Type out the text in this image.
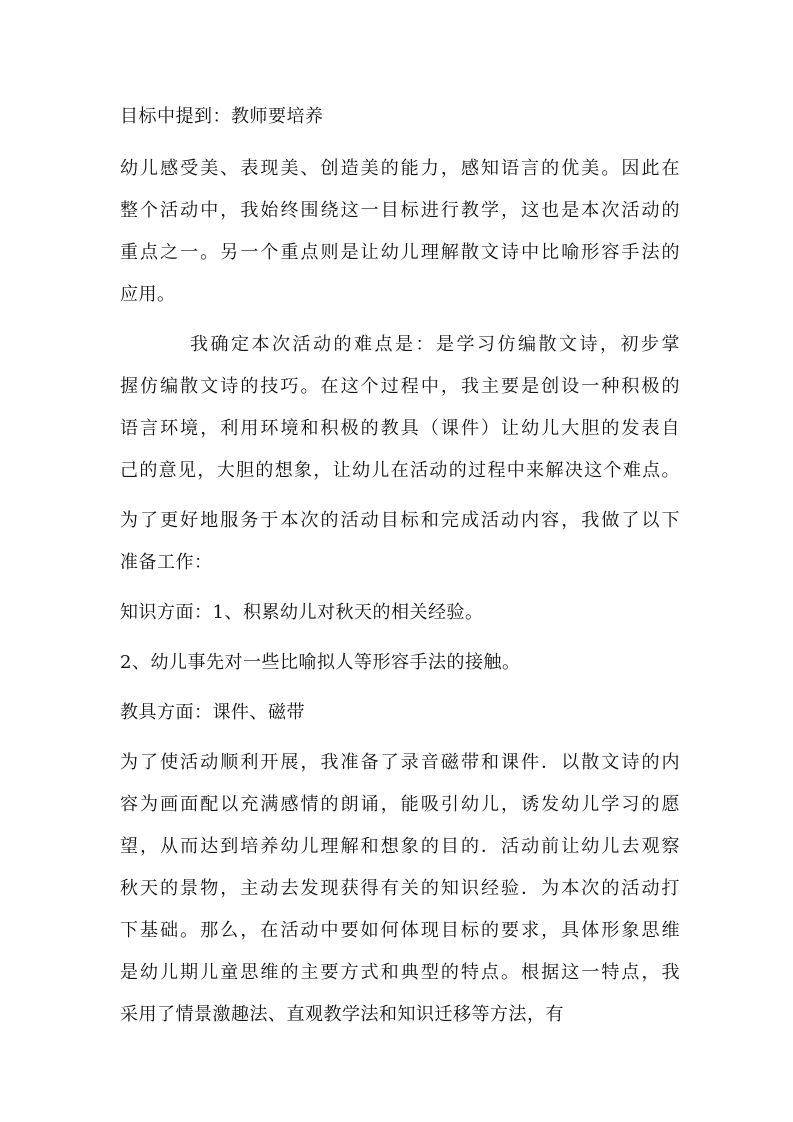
目标中提到：教师要培养

幼儿感受美、表现美、创造美的能力，感知语言的优美。因此在

整个活动中，我始终围绕这一目标进行教学，这也是本次活动的

重点之一。另一个重点则是让幼儿理解散文诗中比喻形容手法的

应用。

我确定本次活动的难点是：是学习仿编散文诗，初步掌

握仿编散文诗的技巧。在这个过程中，我主要是创设一种积极的

语言环境，利用环境和积极的教具（课件）让幼儿大胆的发表自

己的意见，大胆的想象，让幼儿在活动的过程中来解决这个难点。

为了更好地服务于本次的活动目标和完成活动内容，我做了以下

准备工作：

知识方面：1、积累幼儿对秋天的相关经验。

2、幼儿事先对一些比喻拟人等形容手法的接触。

教具方面：课件、磁带

为了使活动顺利开展，我准备了录音磁带和课件．以散文诗的内

容为画面配以充满感情的朗诵，能吸引幼儿，诱发幼儿学习的愿

望，从而达到培养幼儿理解和想象的目的．活动前让幼儿去观察

秋天的景物，主动去发现获得有关的知识经验．为本次的活动打

下基础。那么，在活动中要如何体现目标的要求，具体形象思维

是幼儿期儿童思维的主要方式和典型的特点。根据这一特点，我

采用了情景激趣法、直观教学法和知识迁移等方法，有
